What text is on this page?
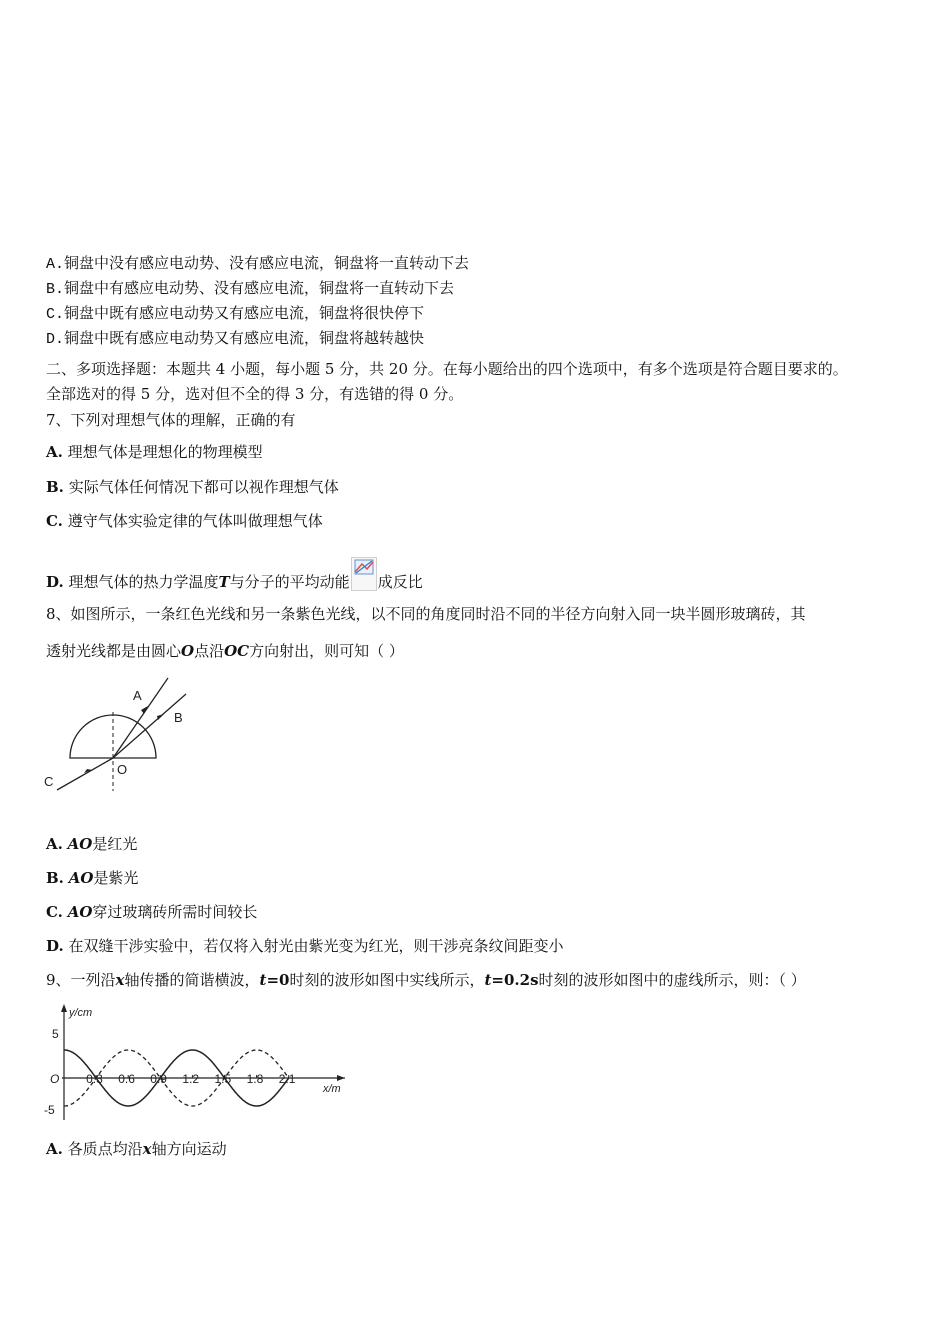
A.铜盘中没有感应电动势、没有感应电流，铜盘将一直转动下去
B.铜盘中有感应电动势、没有感应电流，铜盘将一直转动下去
C.铜盘中既有感应电动势又有感应电流，铜盘将很快停下
D.铜盘中既有感应电动势又有感应电流，铜盘将越转越快
二、多项选择题：本题共 4 小题，每小题 5 分，共 20 分。在每小题给出的四个选项中，有多个选项是符合题目要求的。
全部选对的得 5 分，选对但不全的得 3 分，有选错的得 0 分。
7、下列对理想气体的理解，正确的有
A. 理想气体是理想化的物理模型
B. 实际气体任何情况下都可以视作理想气体
C. 遵守气体实验定律的气体叫做理想气体
D. 理想气体的热力学温度T与分子的平均动能 成反比
8、如图所示，一条红色光线和另一条紫色光线，以不同的角度同时沿不同的半径方向射入同一块半圆形玻璃砖，其
透射光线都是由圆心O点沿OC方向射出，则可知（ ）
A
B
C
O
A. AO是红光
B. AO是紫光
C. AO穿过玻璃砖所需时间较长
D. 在双缝干涉实验中，若仅将入射光由紫光变为红光，则干涉亮条纹间距变小
9、一列沿x轴传播的简谐横波，t=0时刻的波形如图中实线所示，t=0.2s时刻的波形如图中的虚线所示，则：（ ）
y/cm
x/m
O
5
-5
0.3 0.6 0.9 1.2 1.5 1.8 2.1
A. 各质点均沿x轴方向运动
